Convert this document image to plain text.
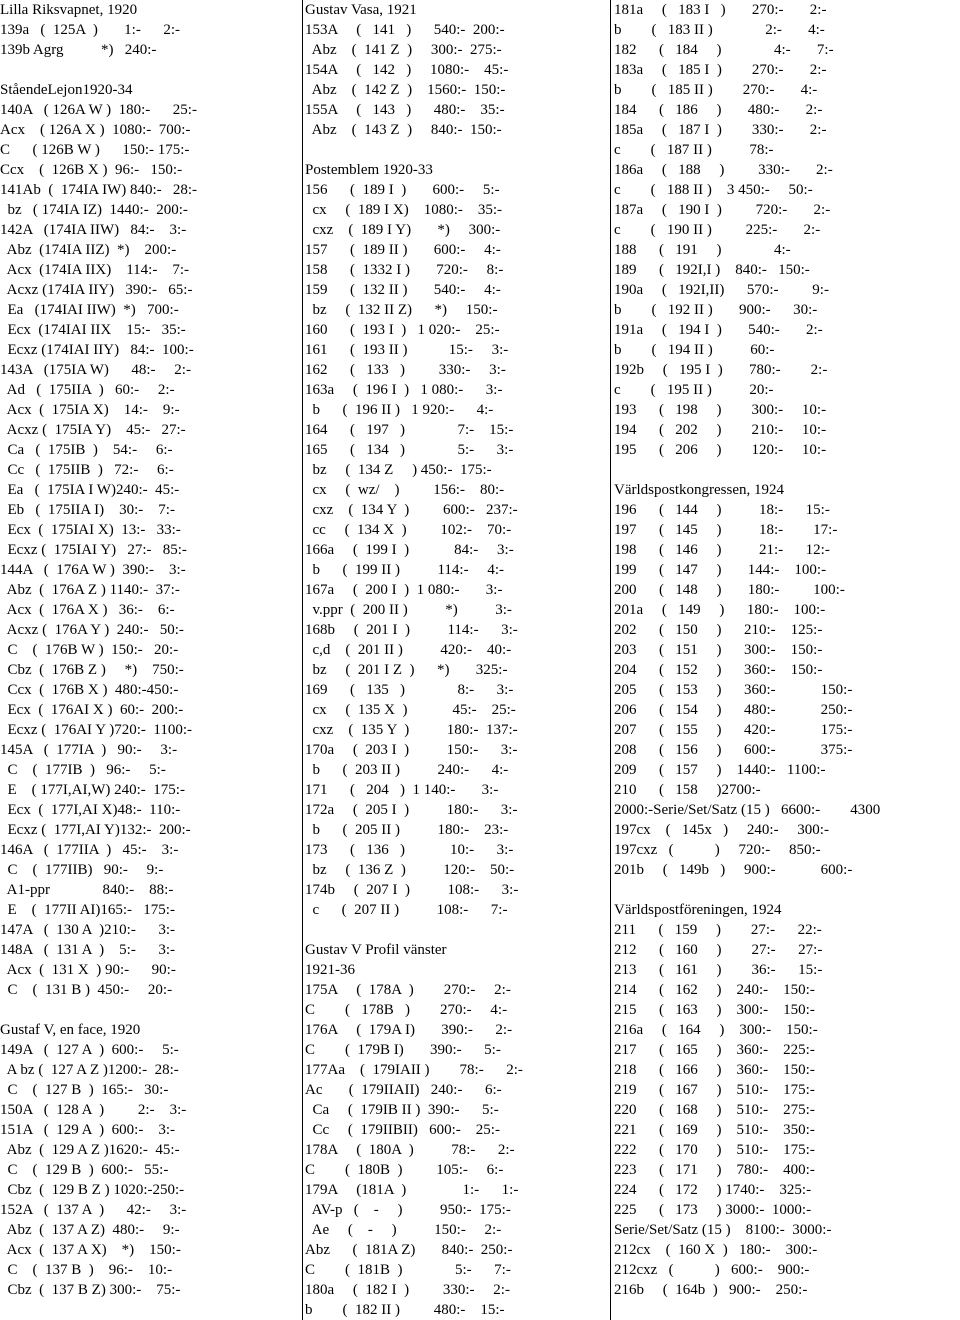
Lilla Riksvapnet, 1920
139a   (  125A  )       1:-      2:-
139b Agrg          *)   240:-
StåendeLejon1920-34
140A   ( 126A W )  180:-      25:-
Acx    ( 126A X )  1080:-  700:-
C      ( 126B W )      150:- 175:-
Ccx    (  126B X )  96:-   150:-
141Ab  (  174IA IW) 840:-   28:-
bz   ( 174IA IZ)  1440:-  200:-
142A   (174IA IIW)   84:-    3:-
Abz  (174IA IIZ)  *)    200:-
Acx  (174IA IIX)    114:-    7:-
Acxz (174IA IIY)   390:-   65:-
Ea   (174IAI IIW)  *)   700:-
Ecx  (174IAI IIX    15:-   35:-
Ecxz (174IAI IIY)   84:-  100:-
143A   (175IA W)      48:-     2:-
Ad   (  175IIA  )   60:-     2:-
Acx  (  175IA X)    14:-    9:-
Acxz (  175IA Y)    45:-   27:-
Ca   (  175IB  )    54:-     6:-
Cc   (  175IIB  )   72:-     6:-
Ea   (  175IA I W)240:-  45:-
Eb   (  175IIA I)    30:-    7:-
Ecx  (  175IAI X)  13:-   33:-
Ecxz (  175IAI Y)   27:-   85:-
144A   (  176A W )  390:-    3:-
Abz  (  176A Z ) 1140:-  37:-
Acx  (  176A X )   36:-    6:-
Acxz (  176A Y )  240:-   50:-
C    (  176B W )  150:-   20:-
Cbz  (  176B Z )     *)    750:-
Ccx  (  176B X )  480:-450:-
Ecx  (  176AI X )  60:-  200:-
Ecxz (  176AI Y )720:-  1100:-
145A   (  177IA  )   90:-     3:-
C    (  177IB  )   96:-     5:-
E    ( 177I,AI,W) 240:-  175:-
Ecx  (  177I,AI X)48:-  110:-
Ecxz (  177I,AI Y)132:-  200:-
146A   (  177IIA  )   45:-    3:-
C    (  177IIB)   90:-     9:-
A1-ppr              840:-    88:-
E    (  177II AI)165:-   175:-
147A   (  130 A  )210:-      3:-
148A   (  131 A  )    5:-      3:-
Acx  (  131 X  ) 90:-      90:-
C    (  131 B )  450:-     20:-
Gustaf V, en face, 1920
149A   (  127 A  )  600:-     5:-
A bz (  127 A Z )1200:-  28:-
C    (  127 B  )  165:-   30:-
150A   (  128 A  )         2:-    3:-
151A   (  129 A  )  600:-    3:-
Abz  (  129 A Z )1620:-  45:-
C    (  129 B  )  600:-   55:-
Cbz  (  129 B Z ) 1020:-250:-
152A   (  137 A  )      42:-     3:-
Abz  (  137 A Z)  480:-     9:-
Acx  (  137 A X)    *)    150:-
C    (  137 B  )    96:-    10:-
Cbz  (  137 B Z) 300:-    75:-
Gustav Vasa, 1921
153A     (   141   )      540:-  200:-
Abz    (  141 Z  )     300:-  275:-
154A     (   142   )     1080:-    45:-
Abz    (  142 Z  )    1560:-  150:-
155A     (   143   )      480:-    35:-
Abz    (  143 Z  )     840:-  150:-
Postemblem 1920-33
156      (  189 I  )       600:-     5:-
cx     (  189 I X)    1080:-    35:-
cxz    (  189 I Y)       *)     300:-
157      (  189 II )       600:-     4:-
158      (  1332 I )       720:-     8:-
159      (  132 II )       540:-     4:-
bz     (  132 II Z)      *)     150:-
160      (  193 I  )   1 020:-    25:-
161      (  193 II )           15:-     3:-
162      (   133   )         330:-     3:-
163a     (  196 I  )   1 080:-      3:-
b      (  196 II )   1 920:-      4:-
164      (   197   )              7:-    15:-
165      (   134   )              5:-      3:-
bz     (  134 Z     ) 450:-  175:-
cx     (  wz/    )         156:-    80:-
cxz    (  134 Y  )         600:-   237:-
cc     (  134 X  )         102:-    70:-
166a     (  199 I  )            84:-     3:-
b      (  199 II )          114:-     4:-
167a     (  200 I  )  1 080:-       3:-
v.ppr  (  200 II )          *)          3:-
168b     (  201 I  )          114:-      3:-
c,d    (  201 II )          420:-    40:-
bz     (  201 I Z  )      *)       325:-
169      (   135   )              8:-      3:-
cx     (  135 X  )            45:-    25:-
cxz    (  135 Y  )          180:-  137:-
170a     (  203 I  )          150:-      3:-
b      (  203 II )          240:-      4:-
171      (   204   )  1 140:-       3:-
172a     (  205 I  )          180:-      3:-
b      (  205 II )          180:-    23:-
173      (   136   )            10:-      3:-
bz     (  136 Z  )          120:-    50:-
174b     (  207 I  )          108:-      3:-
c      (  207 II )          108:-      7:-
Gustav V Profil vänster
1921-36
175A     (  178A  )        270:-     2:-
C        (   178B   )        270:-     4:-
176A     (  179A I)       390:-      2:-
C        (  179B I)       390:-      5:-
177Aa    (  179IAII )        78:-      2:-
Ac       (  179IIAII)   240:-      6:-
Ca     (  179IB II )  390:-      5:-
Cc     (  179IIBII)   600:-    25:-
178A     (  180A  )          78:-      2:-
C        (  180B  )         105:-     6:-
179A     (181A  )               1:-      1:-
AV-p   (    -     )          950:-  175:-
Ae     (    -     )          150:-     2:-
Abz      (  181A Z)       840:-  250:-
C        (  181B  )              5:-      7:-
180a     (  182 I  )         330:-     2:-
b        (  182 II )         480:-    15:-
181a     (   183 I   )       270:-       2:-
b        (   183 II )              2:-       4:-
182      (   184     )              4:-       7:-
183a     (   185 I  )        270:-       2:-
b        (   185 II )        270:-       4:-
184      (   186     )       480:-       2:-
185a     (   187 I  )        330:-       2:-
c        (   187 II )          78:-
186a     (   188     )         330:-       2:-
c        (   188 II )    3 450:-     50:-
187a     (   190 I  )         720:-       2:-
c        (   190 II )         225:-       2:-
188      (   191     )              4:-
189      (   192I,I )    840:-   150:-
190a     (   192I,II)      570:-         9:-
b        (   192 II )       900:-      30:-
191a     (   194 I  )       540:-       2:-
b        (   194 II )          60:-
192b     (   195 I  )       780:-        2:-
c        (   195 II )          20:-
193      (   198     )        300:-     10:-
194      (   202     )        210:-     10:-
195      (   206     )        120:-     10:-
Världspostkongressen, 1924
196      (   144     )          18:-      15:-
197      (   145     )          18:-        17:-
198      (   146     )          21:-      12:-
199      (   147     )       144:-    100:-
200      (   148     )       180:-         100:-
201a     (   149     )      180:-    100:-
202      (   150     )      210:-    125:-
203      (   151     )      300:-    150:-
204      (   152     )      360:-    150:-
205      (   153     )      360:-            150:-
206      (   154     )      480:-            250:-
207      (   155     )      420:-            175:-
208      (   156     )      600:-            375:-
209      (   157     )    1440:-   1100:-
210      (   158     )2700:-
2000:-Serie/Set/Satz (15 )   6600:-        4300
197cx    (   145x   )     240:-     300:-
197cxz   (           )     720:-     850:-
201b     (   149b   )     900:-            600:-
Världspostföreningen, 1924
211      (   159     )        27:-      22:-
212      (   160     )        27:-      27:-
213      (   161     )        36:-      15:-
214      (   162     )    240:-    150:-
215      (   163     )    300:-    150:-
216a     (   164     )    300:-    150:-
217      (   165     )    360:-    225:-
218      (   166     )    360:-    150:-
219      (   167     )    510:-    175:-
220      (   168     )    510:-    275:-
221      (   169     )    510:-    350:-
222      (   170     )    510:-    175:-
223      (   171     )    780:-    400:-
224      (   172     ) 1740:-    325:-
225      (   173     ) 3000:-  1000:-
Serie/Set/Satz (15 )    8100:-  3000:-
212cx    (  160 X  )   180:-    300:-
212cxz   (           )   600:-    900:-
216b     (  164b  )   900:-    250:-
